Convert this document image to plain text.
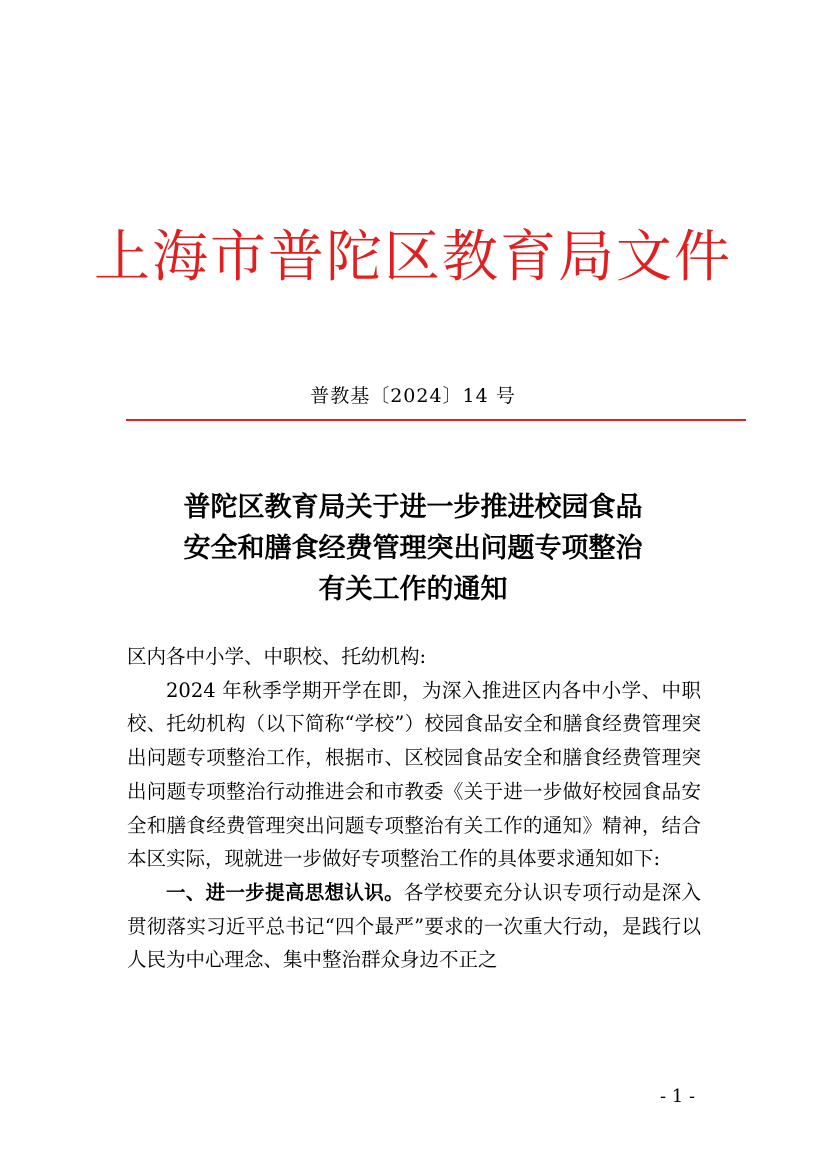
上海市普陀区教育局文件
普教基〔2024〕14 号
普陀区教育局关于进一步推进校园食品
安全和膳食经费管理突出问题专项整治
有关工作的通知

区内各中小学、中职校、托幼机构:

2024 年秋季学期开学在即，为深入推进区内各中小学、中职校、托幼机构（以下简称“学校”）校园食品安全和膳食经费管理突出问题专项整治工作，根据市、区校园食品安全和膳食经费管理突出问题专项整治行动推进会和市教委《关于进一步做好校园食品安全和膳食经费管理突出问题专项整治有关工作的通知》精神，结合本区实际，现就进一步做好专项整治工作的具体要求通知如下:

一、进一步提高思想认识。各学校要充分认识专项行动是深入贯彻落实习近平总书记“四个最严”要求的一次重大行动，是践行以人民为中心理念、集中整治群众身边不正之

- 1 -
